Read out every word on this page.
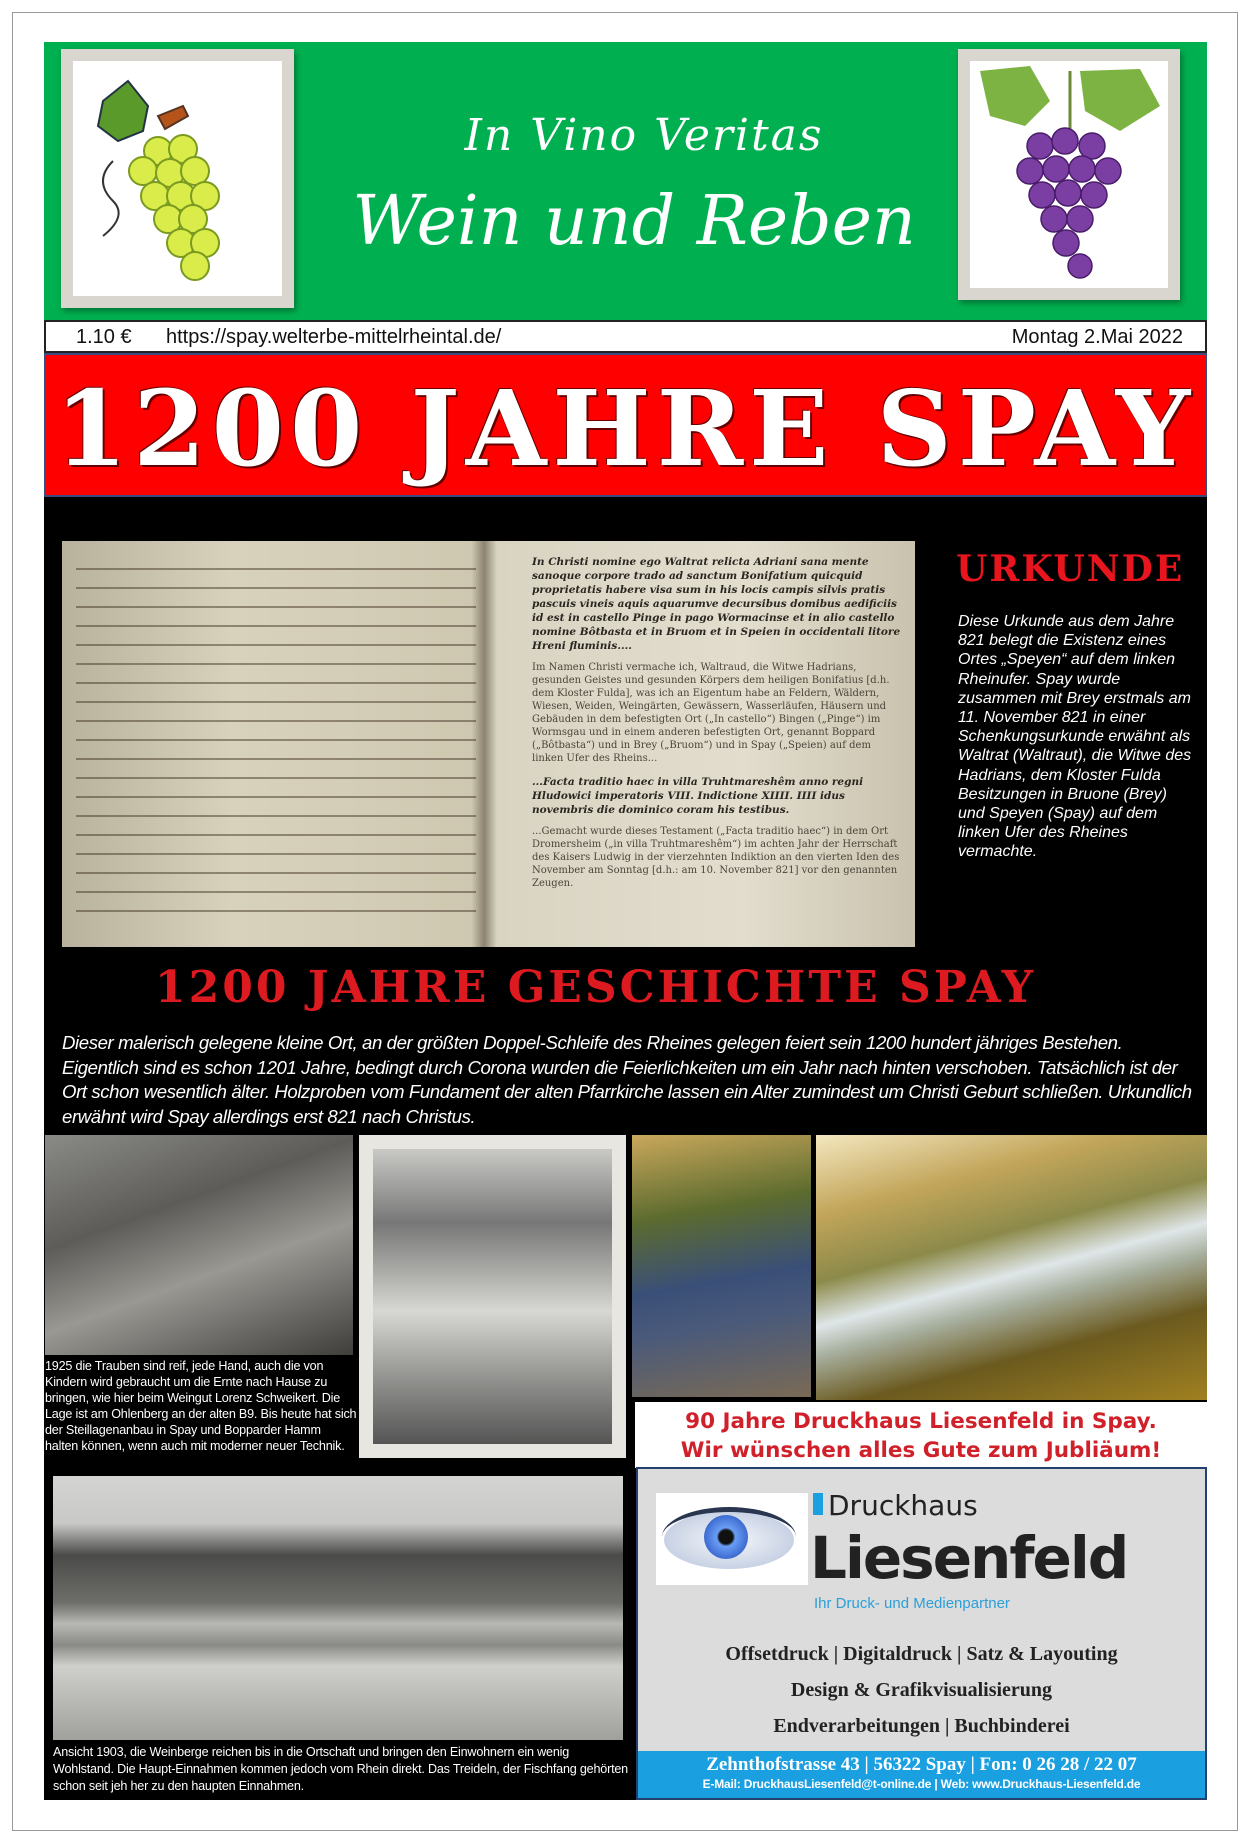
In Vino Veritas
Wein und Reben
1.10 € https://spay.welterbe-mittelrheintal.de/	Montag 2.Mai 2022
1200 JAHRE SPAY

In Christi nomine ego Waltrat relicta Adriani sana mente sanoque corpore trado ad sanctum Bonifatium quicquid proprietatis habere visa sum in his locis campis silvis pratis pascuis vineis aquis aquarumve decursibus domibus aedificiis id est in castello Pinge in pago Wormacinse et in alio castello nomine Bôtbasta et in Bruom et in Speien in occidentali litore Hreni fluminis....

Im Namen Christi vermache ich, Waltraud, die Witwe Hadrians, gesunden Geistes und gesunden Körpers dem heiligen Bonifatius [d.h. dem Kloster Fulda], was ich an Eigentum habe an Feldern, Wäldern, Wiesen, Weiden, Weingärten, Gewässern, Wasserläufen, Häusern und Gebäuden in dem befestigten Ort („In castello“) Bingen („Pinge“) im Wormsgau und in einem anderen befestigten Ort, genannt Boppard („Bôtbasta“) und in Brey („Bruom“) und in Spay („Speien) auf dem linken Ufer des Rheins...

...Facta traditio haec in villa Truhtmareshêm anno regni Hludowici imperatoris VIII. Indictione XIIII. IIII idus novembris die dominico coram his testibus.

...Gemacht wurde dieses Testament („Facta traditio haec“) in dem Ort Dromersheim („in villa Truhtmareshêm“) im achten Jahr der Herrschaft des Kaisers Ludwig in der vierzehnten Indiktion an den vierten Iden des November am Sonntag [d.h.: am 10. November 821] vor den genannten Zeugen.

URKUNDE
Diese Urkunde aus dem Jahre 821 belegt die Existenz eines Ortes „Speyen“ auf dem linken Rheinufer. Spay wurde zusammen mit Brey erstmals am 11. November 821 in einer Schenkungsurkunde erwähnt als Waltrat (Waltraut), die Witwe des Hadrians, dem Kloster Fulda Besitzungen in Bruone (Brey) und Speyen (Spay) auf dem linken Ufer des Rheines vermachte.
1200 JAHRE GESCHICHTE SPAY
Dieser malerisch gelegene kleine Ort, an der größten Doppel-Schleife des Rheines gelegen feiert sein 1200 hundert jähriges Bestehen. Eigentlich sind es schon 1201 Jahre, bedingt durch Corona wurden die Feierlichkeiten um ein Jahr nach hinten verschoben. Tatsächlich ist der Ort schon wesentlich älter. Holzproben vom Fundament der alten Pfarrkirche lassen ein Alter zumindest um Christi Geburt schließen. Urkundlich erwähnt wird Spay allerdings erst 821 nach Christus.
1925 die Trauben sind reif, jede Hand, auch die von Kindern wird gebraucht um die Ernte nach Hause zu bringen, wie hier beim Weingut Lorenz Schweikert. Die Lage ist am Ohlenberg an der alten B9. Bis heute hat sich der Steillagenanbau in Spay und Bopparder Hamm halten können, wenn auch mit moderner neuer Technik.
90 Jahre Druckhaus Liesenfeld in Spay.
Wir wünschen alles Gute zum Jubliäum!
Druckhaus
Liesenfeld
Ihr Druck- und Medienpartner
Offsetdruck | Digitaldruck | Satz & Layouting
Design & Grafikvisualisierung
Endverarbeitungen | Buchbinderei
Zehnthofstrasse 43 | 56322 Spay | Fon: 0 26 28 / 22 07
E-Mail: DruckhausLiesenfeld@t-online.de | Web: www.Druckhaus-Liesenfeld.de
Ansicht 1903, die Weinberge reichen bis in die Ortschaft und bringen den Einwohnern ein wenig Wohlstand. Die Haupt-Einnahmen kommen jedoch vom Rhein direkt. Das Treideln, der Fischfang gehörten schon seit jeh her zu den haupten Einnahmen.
